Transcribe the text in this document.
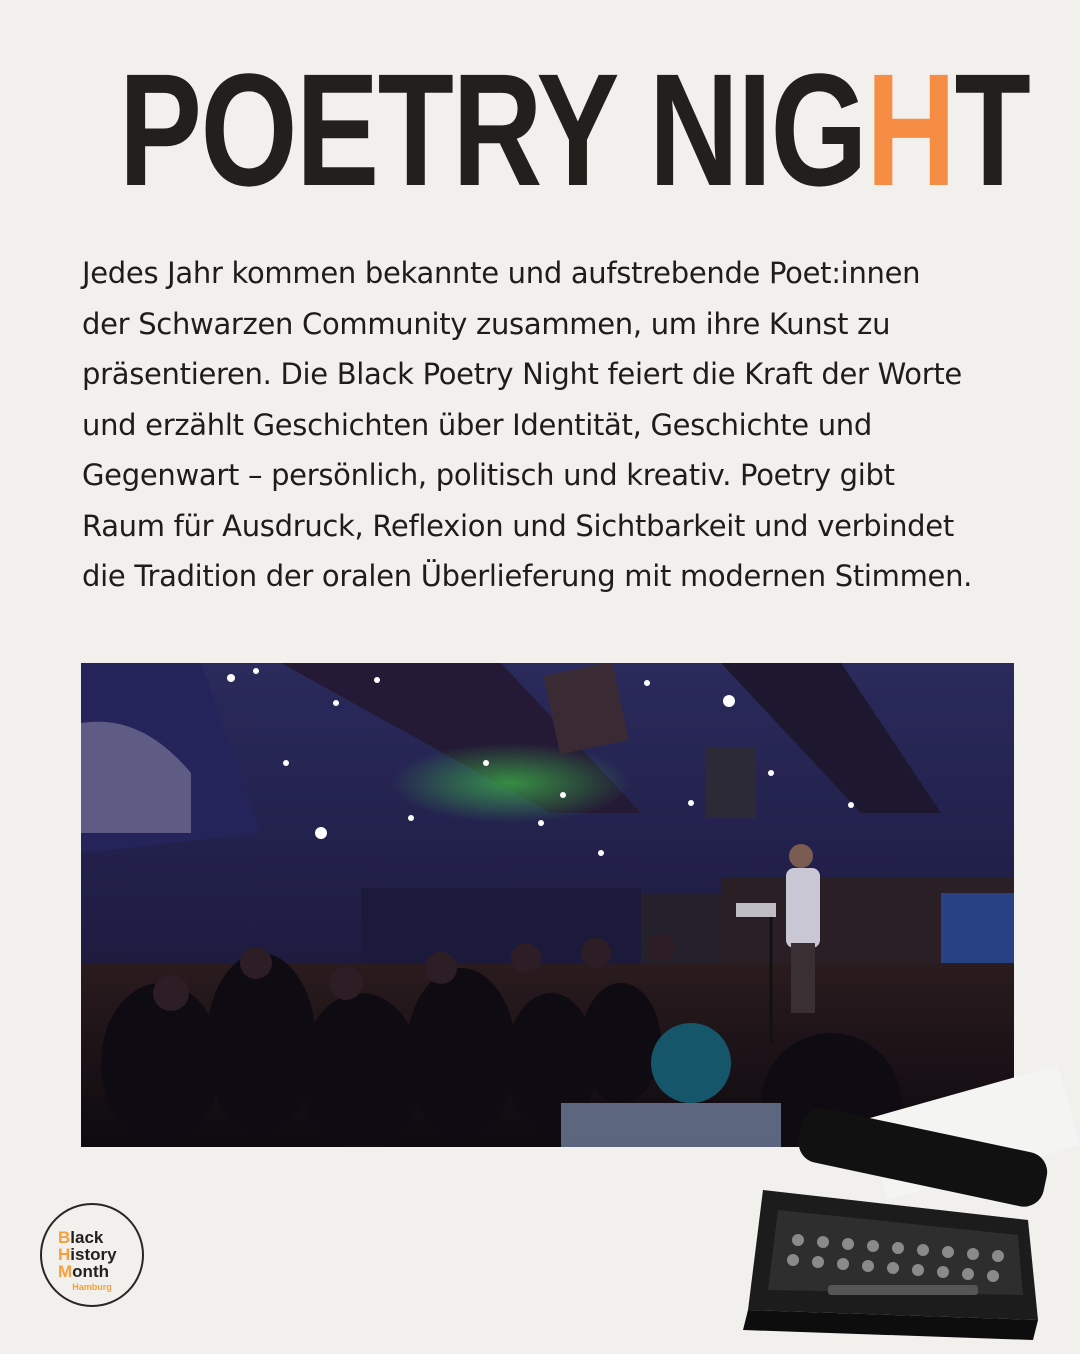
POETRY NIGHT
Jedes Jahr kommen bekannte und aufstrebende Poet:innen
der Schwarzen Community zusammen, um ihre Kunst zu
präsentieren. Die Black Poetry Night feiert die Kraft der Worte
und erzählt Geschichten über Identität, Geschichte und
Gegenwart – persönlich, politisch und kreativ. Poetry gibt
Raum für Ausdruck, Reflexion und Sichtbarkeit und verbindet
die Tradition der oralen Überlieferung mit modernen Stimmen.
Black
History
Month
Hamburg
